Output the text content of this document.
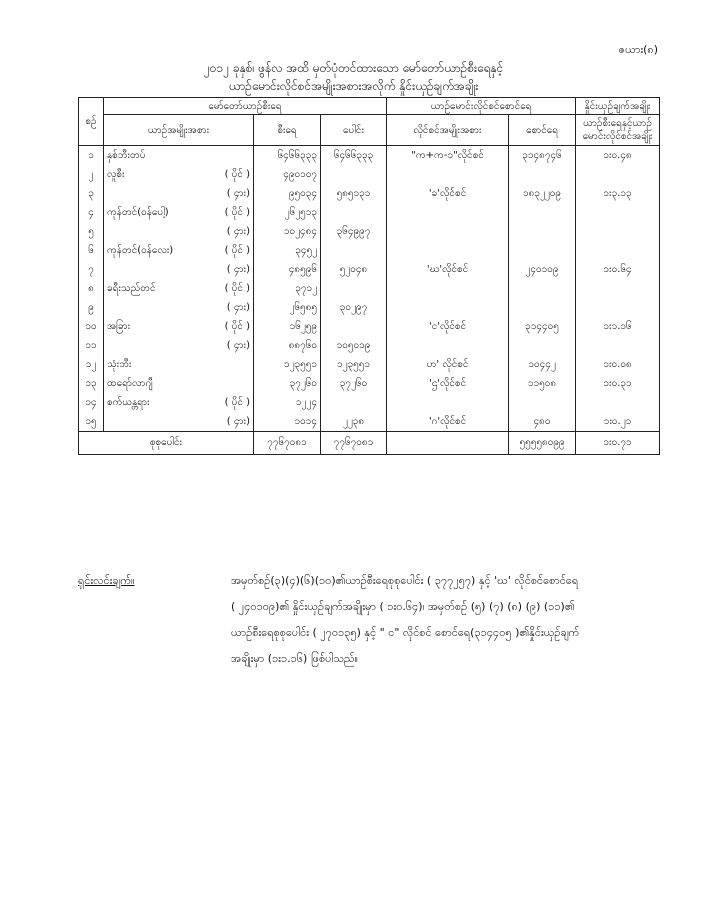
ဇယား(၈)
၂၀၁၂ ခုနှစ်၊ ဖွန်လ အထိ မှတ်ပုံတင်ထားသော မော်တော်ယာဉ်စီးရေနှင့်
ယာဉ်မောင်းလိုင်စင်အမျိုးအစားအလိုက် နှိုင်းယှဉ်ချက်အချိုး
စဉ်	မော်တော်ယာဉ်စီးရေ			ယာဉ်မောင်းလိုင်စင်စောင်ရေ		နှိုင်းယှဉ်ချက်အချိုး
	ယာဉ်အမျိုးအစား	စီးရေ	ပေါင်း	လိုင်စင်အမျိုးအစား	စောင်ရေ	ယာဉ်စီးရေနှင့်ယာဉ် မောင်းလိုင်စင်အချိုး
၁	နှစ်ဘီးတပ်	၆၄၆၆၃၃၃	၆၄၆၆၃၃၃	"က+က-၁"လိုင်စင်	၃၁၄၈၇၄၆	၁း၀.၄၈
၂	လူစီး ( ပိုင် )	၄၉၀၁၀၇				
၃	( ၄ား)	၉၅၀၃၄	၅၈၅၁၃၁	'ခ'လိုင်စင်	၁၈၃၂၂၀၉	၁း၃.၁၃
၄	ကုန်တင်(ဝန်ပေါ့) ( ပိုင် )	၂၆၂၅၁၃				
၅	( ၄ား)	၁၀၂၄၈၄	၃၆၄၉၉၇			
၆	ကုန်တင်(ဝန်လေး) ( ပိုင် )	၃၄၅၂				
၇	( ၄ား)	၄၈၅၉၆	၅၂၀၄၈	'ဃ'လိုင်စင်	၂၄၀၁၀၉	၁း၀.၆၄
၈	ခရီးသည်တင် ( ပိုင် )	၃၇၁၂				
၉	( ၄ား)	၂၆၅၈၅	၃၀၂၉၇			
၁၀	အခြား ( ပိုင် )	၁၆၂၅၉		'င'လိုင်စင်	၃၁၄၄၀၅	၁း၁.၁၆
၁၁	( ၄ား)	၈၈၇၆၀	၁၀၅၀၁၉			
၁၂	သုံးဘီး	၁၂၃၅၅၁	၁၂၃၅၅၁	ဟ' လိုင်စင်	၁၀၄၄၂	၁း၀.၀၈
၁၃	ထရော်လာဂျီ	၃၇၂၆၀	၃၇၂၆၀	'ဌ'လိုင်စင်	၁၁၅၀၈	၁း၀.၃၁
၁၄	စက်ယန္တရား ( ပိုင် )	၁၂၂၄				
၁၅	( ၄ား)	၁၀၁၄	၂၂၃၈	'ဂ'လိုင်စင်	၄၈၀	၁း၀.၂၁
စုစုပေါင်း		၇၇၆၇၀၈၁	၇၇၆၇၀၈၁		၅၅၅၅၈၀၉၉	၁း၀.၇၁
ရှင်းလင်းချက်။	အမှတ်စဉ်(၃)(၄)(၆)(၁၀)၏ယာဉ်စီးရေစုစုပေါင်း ( ၃၇၇၂၅၇) နှင့် 'ဃ' လိုင်စင်စောင်ရေ
( ၂၄၀၁၀၉)၏ နှိုင်းယှဉ်ချက်အချိုးမှာ ( ၁း၀.၆၄)၊ အမှတ်စဉ် (၅) (၇) (၈) (၉) (၁၁)၏
ယာဉ်စီးရေစုစုပေါင်း ( ၂၇၀၁၃၅) နှင့် " င" လိုင်စင် စောင်ရေ(၃၁၄၄၀၅ )၏နှိုင်းယှဉ်ချက်
အချိုးမှာ (၁း၁.၁၆) ဖြစ်ပါသည်။
